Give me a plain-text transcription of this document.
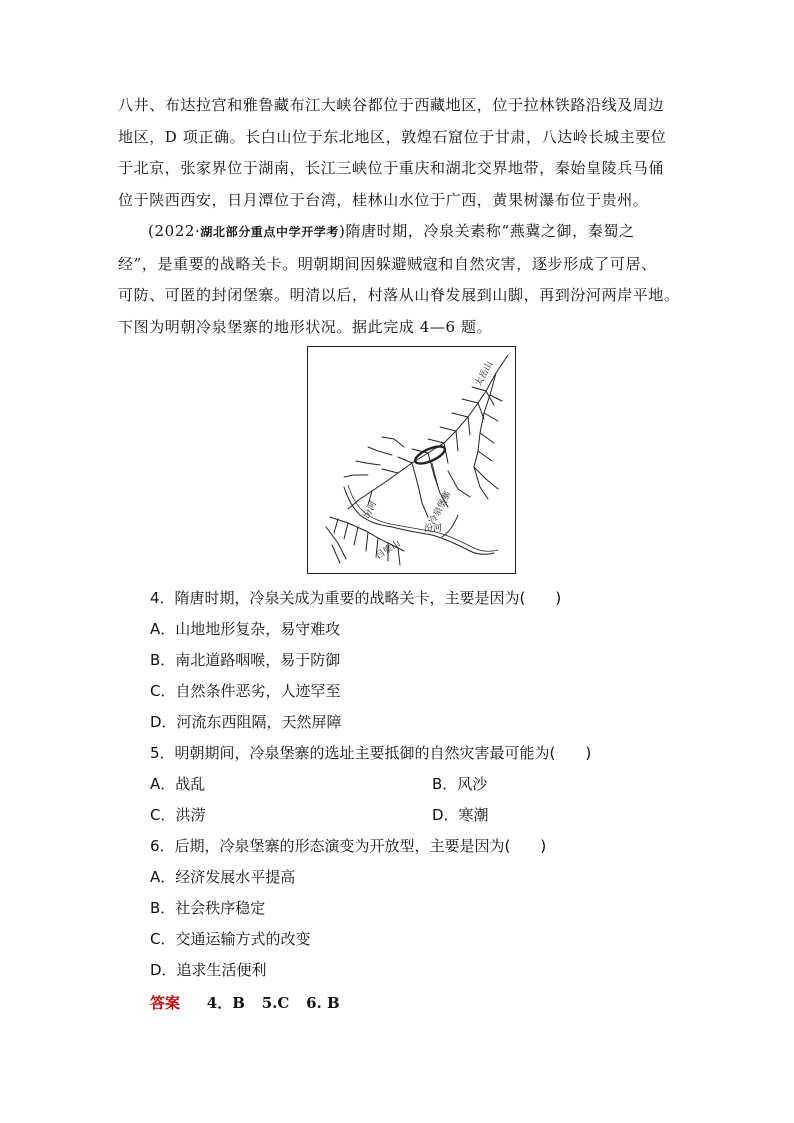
八井、布达拉宫和雅鲁藏布江大峡谷都位于西藏地区，位于拉林铁路沿线及周边
地区，D 项正确。长白山位于东北地区，敦煌石窟位于甘肃，八达岭长城主要位
于北京，张家界位于湖南，长江三峡位于重庆和湖北交界地带，秦始皇陵兵马俑
位于陕西西安，日月潭位于台湾，桂林山水位于广西，黄果树瀑布位于贵州。
(2022·湖北部分重点中学开学考)隋唐时期，冷泉关素称“燕冀之御，秦蜀之
经”，是重要的战略关卡。明朝期间因躲避贼寇和自然灾害，逐步形成了可居、
可防、可匿的封闭堡寨。明清以后，村落从山脊发展到山脚，再到汾河两岸平地。
下图为明朝冷泉堡寨的地形状况。据此完成 4—6 题。
太岳山
冷泉堡寨
汾河
汾河
吕梁山
4．隋唐时期，冷泉关成为重要的战略关卡，主要是因为(　　)
A．山地地形复杂，易守难攻
B．南北道路咽喉，易于防御
C．自然条件恶劣，人迹罕至
D．河流东西阻隔，天然屏障
5．明朝期间，冷泉堡寨的选址主要抵御的自然灾害最可能为(　　)
A．战乱	B．风沙
C．洪涝	D．寒潮
6．后期，冷泉堡寨的形态演变为开放型，主要是因为(　　)
A．经济发展水平提高
B．社会秩序稳定
C．交通运输方式的改变
D．追求生活便利
答案 4．B 5.C 6. B
